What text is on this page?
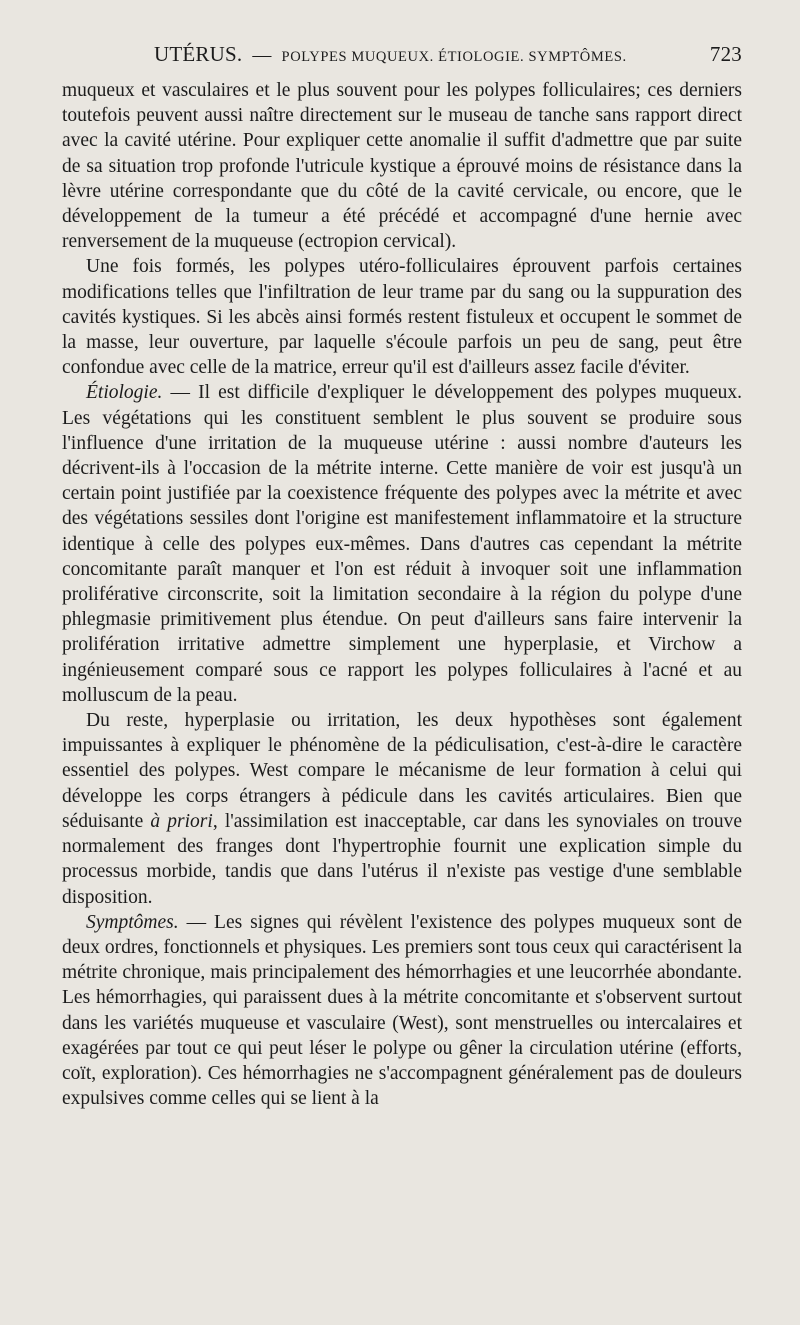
UTÉRUS. — POLYPES MUQUEUX. ÉTIOLOGIE. SYMPTÔMES.	723

muqueux et vasculaires et le plus souvent pour les polypes folliculaires; ces derniers toutefois peuvent aussi naître directement sur le museau de tanche sans rapport direct avec la cavité utérine. Pour expliquer cette anomalie il suffit d'admettre que par suite de sa situation trop profonde l'utricule kystique a éprouvé moins de résistance dans la lèvre utérine correspondante que du côté de la cavité cervicale, ou encore, que le développement de la tumeur a été précédé et accompagné d'une hernie avec renversement de la muqueuse (ectropion cervical).

Une fois formés, les polypes utéro-folliculaires éprouvent parfois certaines modifications telles que l'infiltration de leur trame par du sang ou la suppuration des cavités kystiques. Si les abcès ainsi formés restent fistuleux et occupent le sommet de la masse, leur ouverture, par laquelle s'écoule parfois un peu de sang, peut être confondue avec celle de la matrice, erreur qu'il est d'ailleurs assez facile d'éviter.

Étiologie. — Il est difficile d'expliquer le développement des polypes muqueux. Les végétations qui les constituent semblent le plus souvent se produire sous l'influence d'une irritation de la muqueuse utérine : aussi nombre d'auteurs les décrivent-ils à l'occasion de la métrite interne. Cette manière de voir est jusqu'à un certain point justifiée par la coexistence fréquente des polypes avec la métrite et avec des végétations sessiles dont l'origine est manifestement inflammatoire et la structure identique à celle des polypes eux-mêmes. Dans d'autres cas cependant la métrite concomitante paraît manquer et l'on est réduit à invoquer soit une inflammation proliférative circonscrite, soit la limitation secondaire à la région du polype d'une phlegmasie primitivement plus étendue. On peut d'ailleurs sans faire intervenir la prolifération irritative admettre simplement une hyperplasie, et Virchow a ingénieusement comparé sous ce rapport les polypes folliculaires à l'acné et au molluscum de la peau.

Du reste, hyperplasie ou irritation, les deux hypothèses sont également impuissantes à expliquer le phénomène de la pédiculisation, c'est-à-dire le caractère essentiel des polypes. West compare le mécanisme de leur formation à celui qui développe les corps étrangers à pédicule dans les cavités articulaires. Bien que séduisante à priori, l'assimilation est inacceptable, car dans les synoviales on trouve normalement des franges dont l'hypertrophie fournit une explication simple du processus morbide, tandis que dans l'utérus il n'existe pas vestige d'une semblable disposition.

Symptômes. — Les signes qui révèlent l'existence des polypes muqueux sont de deux ordres, fonctionnels et physiques. Les premiers sont tous ceux qui caractérisent la métrite chronique, mais principalement des hémorrhagies et une leucorrhée abondante. Les hémorrhagies, qui paraissent dues à la métrite concomitante et s'observent surtout dans les variétés muqueuse et vasculaire (West), sont menstruelles ou intercalaires et exagérées par tout ce qui peut léser le polype ou gêner la circulation utérine (efforts, coït, exploration). Ces hémorrhagies ne s'accompagnent généralement pas de douleurs expulsives comme celles qui se lient à la
